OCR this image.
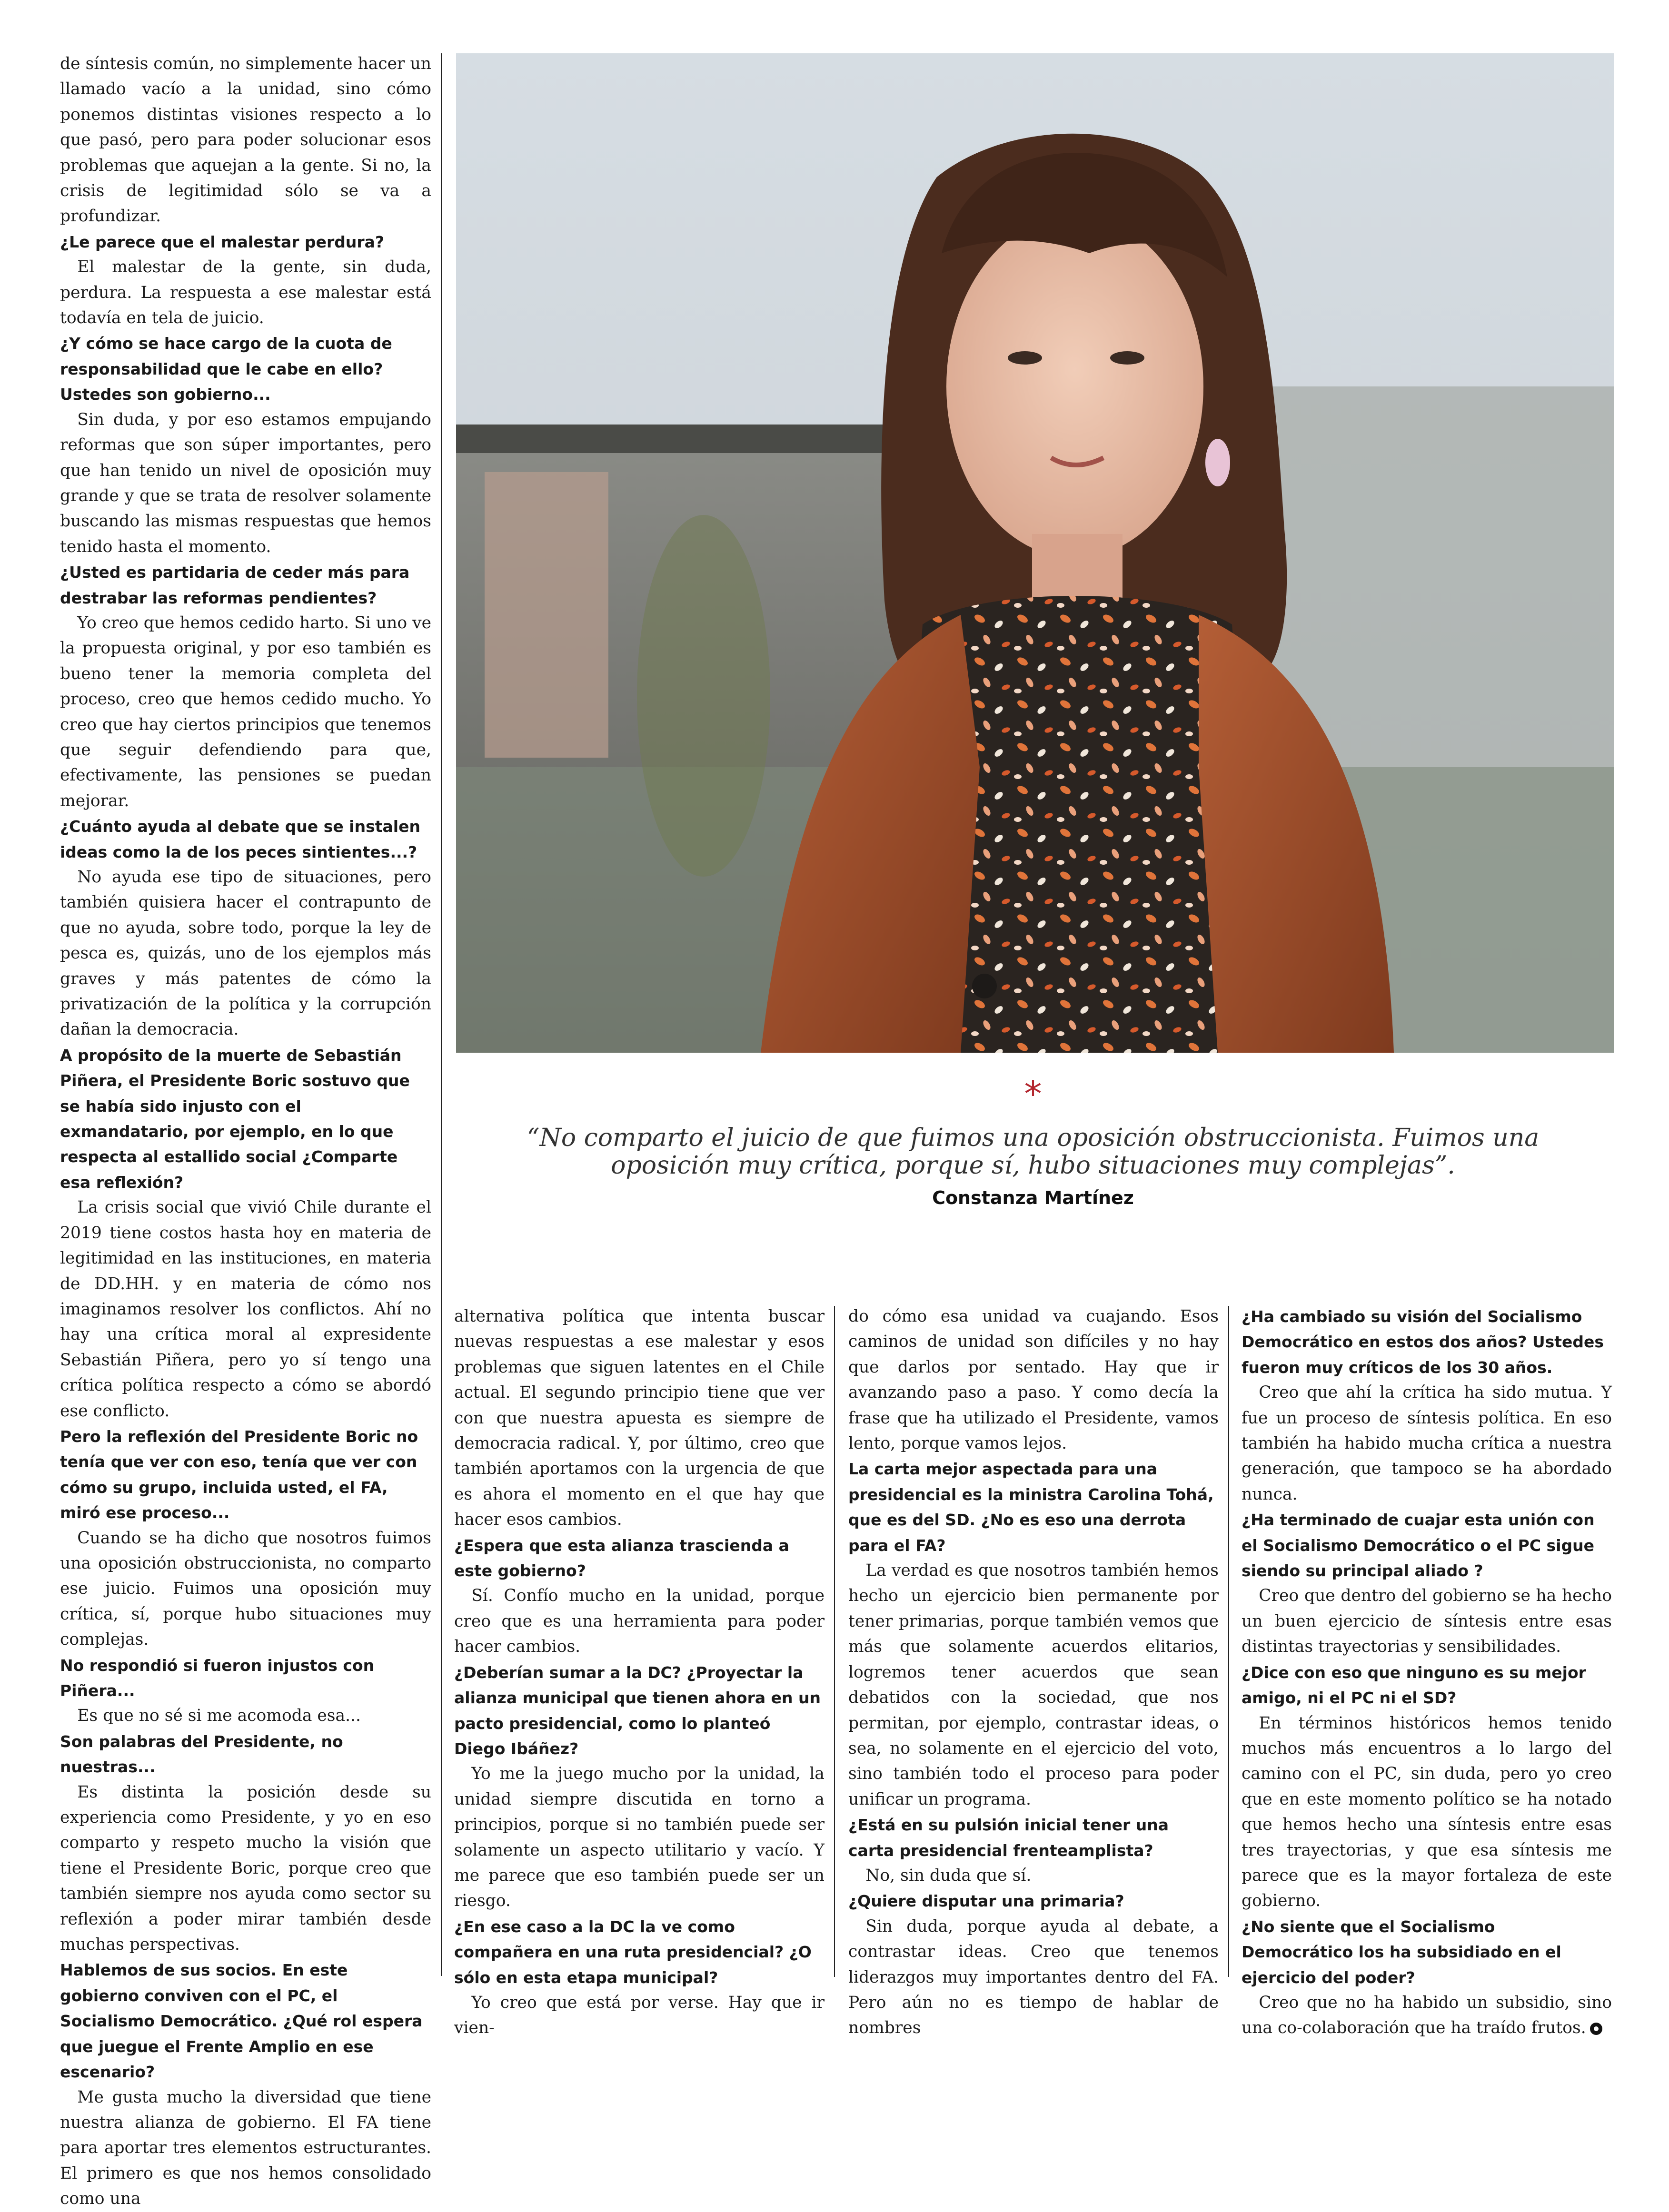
de síntesis común, no simplemente hacer un llamado vacío a la unidad, sino cómo ponemos distintas visiones respecto a lo que pasó, pero para poder solucionar esos problemas que aquejan a la gente. Si no, la crisis de legitimidad sólo se va a profundizar.

¿Le parece que el malestar perdura?

El malestar de la gente, sin duda, perdura. La respuesta a ese malestar está todavía en tela de juicio.

¿Y cómo se hace cargo de la cuota de responsabilidad que le cabe en ello? Ustedes son gobierno...

Sin duda, y por eso estamos empujando reformas que son súper importantes, pero que han tenido un nivel de oposición muy grande y que se trata de resolver solamente buscando las mismas respuestas que hemos tenido hasta el momento.

¿Usted es partidaria de ceder más para destrabar las reformas pendientes?

Yo creo que hemos cedido harto. Si uno ve la propuesta original, y por eso también es bueno tener la memoria completa del proceso, creo que hemos cedido mucho. Yo creo que hay ciertos principios que tenemos que seguir defendiendo para que, efectivamente, las pensiones se puedan mejorar.

¿Cuánto ayuda al debate que se instalen ideas como la de los peces sintientes...?

No ayuda ese tipo de situaciones, pero también quisiera hacer el contrapunto de que no ayuda, sobre todo, porque la ley de pesca es, quizás, uno de los ejemplos más graves y más patentes de cómo la privatización de la política y la corrupción dañan la democracia.

A propósito de la muerte de Sebastián Piñera, el Presidente Boric sostuvo que se había sido injusto con el exmandatario, por ejemplo, en lo que respecta al estallido social ¿Comparte esa reflexión?

La crisis social que vivió Chile durante el 2019 tiene costos hasta hoy en materia de legitimidad en las instituciones, en materia de DD.HH. y en materia de cómo nos imaginamos resolver los conflictos. Ahí no hay una crítica moral al expresidente Sebastián Piñera, pero yo sí tengo una crítica política respecto a cómo se abordó ese conflicto.

Pero la reflexión del Presidente Boric no tenía que ver con eso, tenía que ver con cómo su grupo, incluida usted, el FA, miró ese proceso...

Cuando se ha dicho que nosotros fuimos una oposición obstruccionista, no comparto ese juicio. Fuimos una oposición muy crítica, sí, porque hubo situaciones muy complejas.

No respondió si fueron injustos con Piñera...

Es que no sé si me acomoda esa...

Son palabras del Presidente, no nuestras...

Es distinta la posición desde su experiencia como Presidente, y yo en eso comparto y respeto mucho la visión que tiene el Presidente Boric, porque creo que también siempre nos ayuda como sector su reflexión a poder mirar también desde muchas perspectivas.

Hablemos de sus socios. En este gobierno conviven con el PC, el Socialismo Democrático. ¿Qué rol espera que juegue el Frente Amplio en ese escenario?

Me gusta mucho la diversidad que tiene nuestra alianza de gobierno. El FA tiene para aportar tres elementos estructurantes. El primero es que nos hemos consolidado como una

*
“No comparto el juicio de que fuimos una oposición obstruccionista. Fuimos una oposición muy crítica, porque sí, hubo situaciones muy complejas”.
Constanza Martínez

alternativa política que intenta buscar nuevas respuestas a ese malestar y esos problemas que siguen latentes en el Chile actual. El segundo principio tiene que ver con que nuestra apuesta es siempre de democracia radical. Y, por último, creo que también aportamos con la urgencia de que es ahora el momento en el que hay que hacer esos cambios.

¿Espera que esta alianza trascienda a este gobierno?

Sí. Confío mucho en la unidad, porque creo que es una herramienta para poder hacer cambios.

¿Deberían sumar a la DC? ¿Proyectar la alianza municipal que tienen ahora en un pacto presidencial, como lo planteó Diego Ibáñez?

Yo me la juego mucho por la unidad, la unidad siempre discutida en torno a principios, porque si no también puede ser solamente un aspecto utilitario y vacío. Y me parece que eso también puede ser un riesgo.

¿En ese caso a la DC la ve como compañera en una ruta presidencial? ¿O sólo en esta etapa municipal?

Yo creo que está por verse. Hay que ir vien-

do cómo esa unidad va cuajando. Esos caminos de unidad son difíciles y no hay que darlos por sentado. Hay que ir avanzando paso a paso. Y como decía la frase que ha utilizado el Presidente, vamos lento, porque vamos lejos.

La carta mejor aspectada para una presidencial es la ministra Carolina Tohá, que es del SD. ¿No es eso una derrota para el FA?

La verdad es que nosotros también hemos hecho un ejercicio bien permanente por tener primarias, porque también vemos que más que solamente acuerdos elitarios, logremos tener acuerdos que sean debatidos con la sociedad, que nos permitan, por ejemplo, contrastar ideas, o sea, no solamente en el ejercicio del voto, sino también todo el proceso para poder unificar un programa.

¿Está en su pulsión inicial tener una carta presidencial frenteamplista?

No, sin duda que sí.

¿Quiere disputar una primaria?

Sin duda, porque ayuda al debate, a contrastar ideas. Creo que tenemos liderazgos muy importantes dentro del FA. Pero aún no es tiempo de hablar de nombres

¿Ha cambiado su visión del Socialismo Democrático en estos dos años? Ustedes fueron muy críticos de los 30 años.

Creo que ahí la crítica ha sido mutua. Y fue un proceso de síntesis política. En eso también ha habido mucha crítica a nuestra generación, que tampoco se ha abordado nunca.

¿Ha terminado de cuajar esta unión con el Socialismo Democrático o el PC sigue siendo su principal aliado ?

Creo que dentro del gobierno se ha hecho un buen ejercicio de síntesis entre esas distintas trayectorias y sensibilidades.

¿Dice con eso que ninguno es su mejor amigo, ni el PC ni el SD?

En términos históricos hemos tenido muchos más encuentros a lo largo del camino con el PC, sin duda, pero yo creo que en este momento político se ha notado que hemos hecho una síntesis entre esas tres trayectorias, y que esa síntesis me parece que es la mayor fortaleza de este gobierno.

¿No siente que el Socialismo Democrático los ha subsidiado en el ejercicio del poder?

Creo que no ha habido un subsidio, sino una co-colaboración que ha traído frutos.
